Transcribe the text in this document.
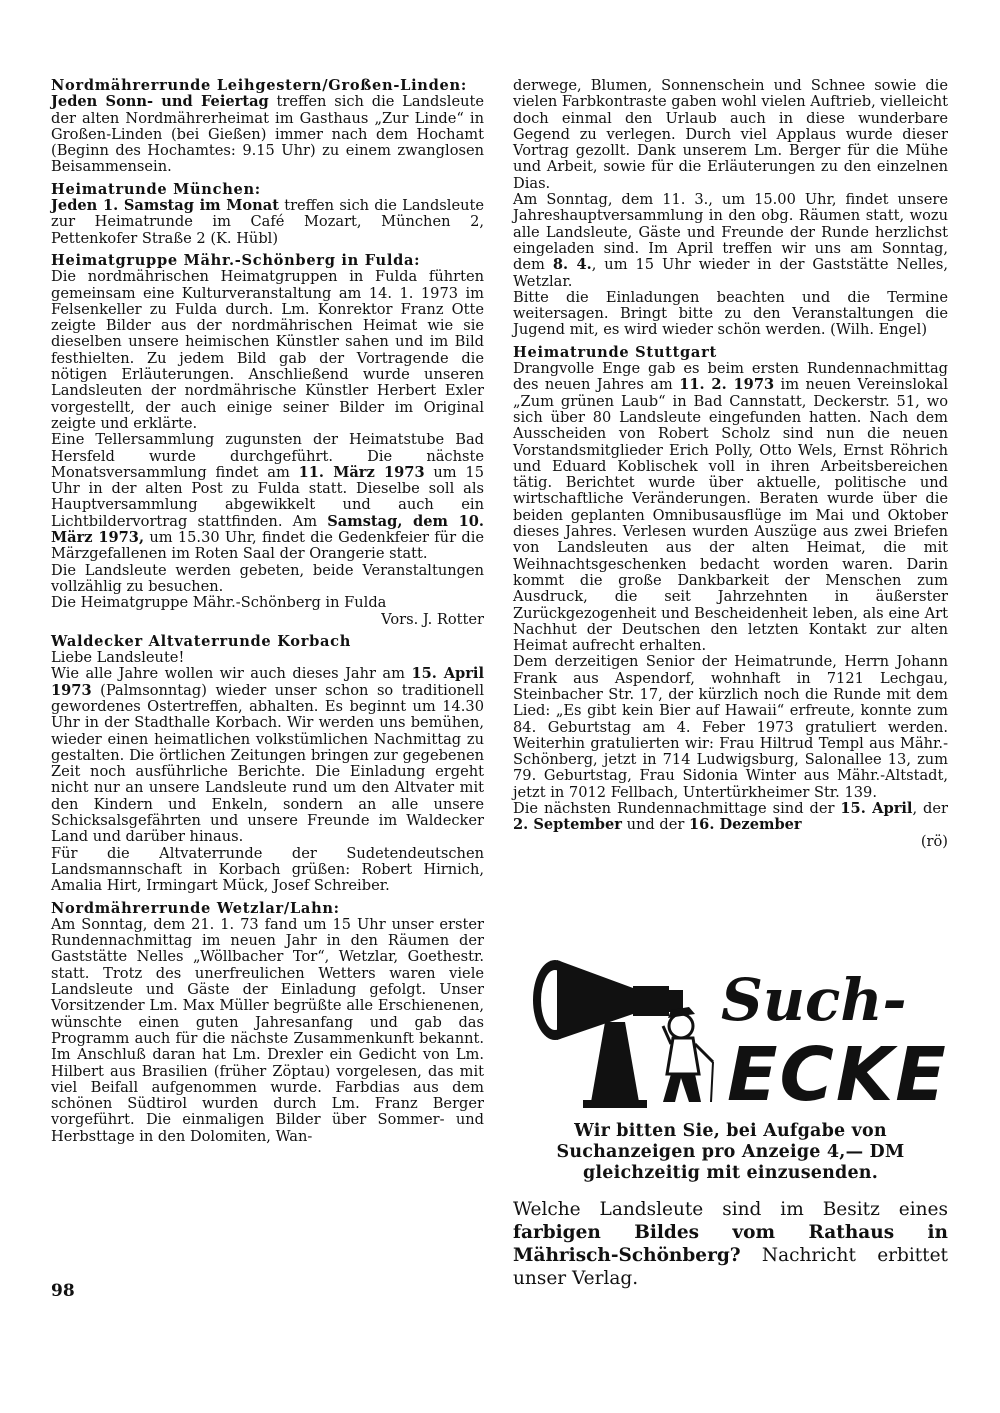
Nordmährerrunde Leihgestern/Großen-Linden:

Jeden Sonn- und Feiertag treffen sich die Landsleute der alten Nordmährerheimat im Gasthaus „Zur Linde“ in Großen-Linden (bei Gießen) immer nach dem Hochamt (Beginn des Hochamtes: 9.15 Uhr) zu einem zwanglosen Beisammensein.

Heimatrunde München:

Jeden 1. Samstag im Monat treffen sich die Landsleute zur Heimatrunde im Café Mozart, München 2, Pettenkofer Straße 2 (K. Hübl)

Heimatgruppe Mähr.-Schönberg in Fulda:

Die nordmährischen Heimatgruppen in Fulda führten gemeinsam eine Kulturveranstaltung am 14. 1. 1973 im Felsenkeller zu Fulda durch. Lm. Konrektor Franz Otte zeigte Bilder aus der nordmährischen Heimat wie sie dieselben unsere heimischen Künstler sahen und im Bild festhielten. Zu jedem Bild gab der Vortragende die nötigen Erläuterungen. Anschließend wurde unseren Landsleuten der nordmährische Künstler Herbert Exler vorgestellt, der auch einige seiner Bilder im Original zeigte und erklärte.

Eine Tellersammlung zugunsten der Heimatstube Bad Hersfeld wurde durchgeführt. Die nächste Monatsversammlung findet am 11. März 1973 um 15 Uhr in der alten Post zu Fulda statt. Dieselbe soll als Hauptversammlung abgewikkelt und auch ein Lichtbildervortrag stattfinden. Am Samstag, dem 10. März 1973, um 15.30 Uhr, findet die Gedenkfeier für die Märzgefallenen im Roten Saal der Orangerie statt.

Die Landsleute werden gebeten, beide Veranstaltungen vollzählig zu besuchen.

Die Heimatgruppe Mähr.-Schönberg in Fulda

Vors. J. Rotter

Waldecker Altvaterrunde Korbach

Liebe Landsleute!

Wie alle Jahre wollen wir auch dieses Jahr am 15. April 1973 (Palmsonntag) wieder unser schon so traditionell gewordenes Ostertreffen, abhalten. Es beginnt um 14.30 Uhr in der Stadthalle Korbach. Wir werden uns bemühen, wieder einen heimatlichen volkstümlichen Nachmittag zu gestalten. Die örtlichen Zeitungen bringen zur gegebenen Zeit noch ausführliche Berichte. Die Einladung ergeht nicht nur an unsere Landsleute rund um den Altvater mit den Kindern und Enkeln, sondern an alle unsere Schicksalsgefährten und unsere Freunde im Waldecker Land und darüber hinaus.

Für die Altvaterrunde der Sudetendeutschen Landsmannschaft in Korbach grüßen: Robert Hirnich, Amalia Hirt, Irmingart Mück, Josef Schreiber.

Nordmährerrunde Wetzlar/Lahn:

Am Sonntag, dem 21. 1. 73 fand um 15 Uhr unser erster Rundennachmittag im neuen Jahr in den Räumen der Gaststätte Nelles „Wöllbacher Tor“, Wetzlar, Goethestr. statt. Trotz des unerfreulichen Wetters waren viele Landsleute und Gäste der Einladung gefolgt. Unser Vorsitzender Lm. Max Müller begrüßte alle Erschienenen, wünschte einen guten Jahresanfang und gab das Programm auch für die nächste Zusammenkunft bekannt. Im Anschluß daran hat Lm. Drexler ein Gedicht von Lm. Hilbert aus Brasilien (früher Zöptau) vorgelesen, das mit viel Beifall aufgenommen wurde. Farbdias aus dem schönen Südtirol wurden durch Lm. Franz Berger vorgeführt. Die einmaligen Bilder über Sommer- und Herbsttage in den Dolomiten, Wan-

derwege, Blumen, Sonnenschein und Schnee sowie die vielen Farbkontraste gaben wohl vielen Auftrieb, vielleicht doch einmal den Urlaub auch in diese wunderbare Gegend zu verlegen. Durch viel Applaus wurde dieser Vortrag gezollt. Dank unserem Lm. Berger für die Mühe und Arbeit, sowie für die Erläuterungen zu den einzelnen Dias.

Am Sonntag, dem 11. 3., um 15.00 Uhr, findet unsere Jahreshauptversammlung in den obg. Räumen statt, wozu alle Landsleute, Gäste und Freunde der Runde herzlichst eingeladen sind. Im April treffen wir uns am Sonntag, dem 8. 4., um 15 Uhr wieder in der Gaststätte Nelles, Wetzlar.

Bitte die Einladungen beachten und die Termine weitersagen. Bringt bitte zu den Veranstaltungen die Jugend mit, es wird wieder schön werden. (Wilh. Engel)

Heimatrunde Stuttgart

Drangvolle Enge gab es beim ersten Rundennachmittag des neuen Jahres am 11. 2. 1973 im neuen Vereinslokal „Zum grünen Laub“ in Bad Cannstatt, Deckerstr. 51, wo sich über 80 Landsleute eingefunden hatten. Nach dem Ausscheiden von Robert Scholz sind nun die neuen Vorstandsmitglieder Erich Polly, Otto Wels, Ernst Röhrich und Eduard Koblischek voll in ihren Arbeitsbereichen tätig. Berichtet wurde über aktuelle, politische und wirtschaftliche Veränderungen. Beraten wurde über die beiden geplanten Omnibusausflüge im Mai und Oktober dieses Jahres. Verlesen wurden Auszüge aus zwei Briefen von Landsleuten aus der alten Heimat, die mit Weihnachtsgeschenken bedacht worden waren. Darin kommt die große Dankbarkeit der Menschen zum Ausdruck, die seit Jahrzehnten in äußerster Zurückgezogenheit und Bescheidenheit leben, als eine Art Nachhut der Deutschen den letzten Kontakt zur alten Heimat aufrecht erhalten.

Dem derzeitigen Senior der Heimatrunde, Herrn Johann Frank aus Aspendorf, wohnhaft in 7121 Lechgau, Steinbacher Str. 17, der kürzlich noch die Runde mit dem Lied: „Es gibt kein Bier auf Hawaii“ erfreute, konnte zum 84. Geburtstag am 4. Feber 1973 gratuliert werden. Weiterhin gratulierten wir: Frau Hiltrud Templ aus Mähr.-Schönberg, jetzt in 714 Ludwigsburg, Salonallee 13, zum 79. Geburtstag, Frau Sidonia Winter aus Mähr.-Altstadt, jetzt in 7012 Fellbach, Untertürkheimer Str. 139.

Die nächsten Rundennachmittage sind der 15. April, der 2. September und der 16. Dezember

(rö)

Such-
ECKE

Wir bitten Sie, bei Aufgabe von Suchanzeigen pro Anzeige 4,— DM gleichzeitig mit einzusenden.

Welche Landsleute sind im Besitz eines farbigen Bildes vom Rathaus in Mährisch-Schönberg? Nachricht erbittet unser Verlag.

98
